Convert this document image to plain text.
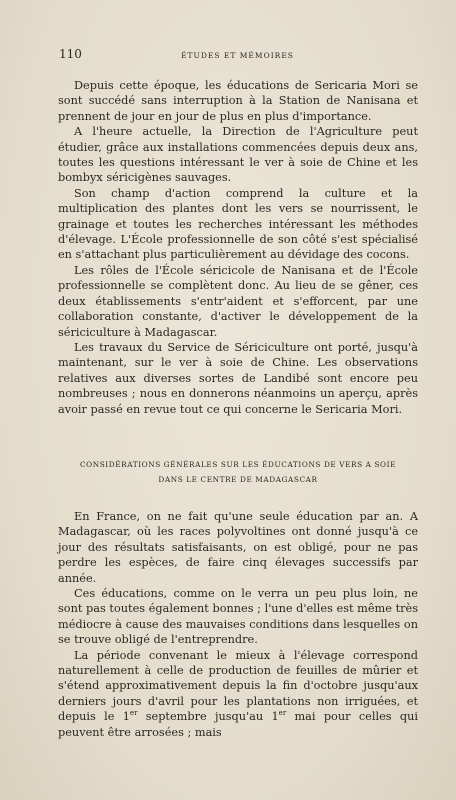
110	ÉTUDES ET MÉMOIRES

Depuis cette époque, les éducations de Sericaria Mori se sont succédé sans interruption à la Station de Nanisana et prennent de jour en jour de plus en plus d'importance.

A l'heure actuelle, la Direction de l'Agriculture peut étudier, grâce aux installations commencées depuis deux ans, toutes les questions intéressant le ver à soie de Chine et les bombyx séricigènes sauvages.

Son champ d'action comprend la culture et la multiplication des plantes dont les vers se nourrissent, le grainage et toutes les recherches intéressant les méthodes d'élevage. L'École professionnelle de son côté s'est spécialisé en s'attachant plus particulièrement au dévidage des cocons.

Les rôles de l'École séricicole de Nanisana et de l'École professionnelle se complètent donc. Au lieu de se gêner, ces deux établissements s'entr'aident et s'efforcent, par une collaboration constante, d'activer le développement de la sériciculture à Madagascar.

Les travaux du Service de Sériciculture ont porté, jusqu'à maintenant, sur le ver à soie de Chine. Les observations relatives aux diverses sortes de Landibé sont encore peu nombreuses ; nous en donnerons néanmoins un aperçu, après avoir passé en revue tout ce qui concerne le Sericaria Mori.

CONSIDÉRATIONS GÉNÉRALES SUR LES ÉDUCATIONS DE VERS A SOIE
DANS LE CENTRE DE MADAGASCAR

En France, on ne fait qu'une seule éducation par an. A Madagascar, où les races polyvoltines ont donné jusqu'à ce jour des résultats satisfaisants, on est obligé, pour ne pas perdre les espèces, de faire cinq élevages successifs par année.

Ces éducations, comme on le verra un peu plus loin, ne sont pas toutes également bonnes ; l'une d'elles est même très médiocre à cause des mauvaises conditions dans lesquelles on se trouve obligé de l'entreprendre.

La période convenant le mieux à l'élevage correspond naturellement à celle de production de feuilles de mûrier et s'étend approximativement depuis la fin d'octobre jusqu'aux derniers jours d'avril pour les plantations non irriguées, et depuis le 1er septembre jusqu'au 1er mai pour celles qui peuvent être arrosées ; mais
